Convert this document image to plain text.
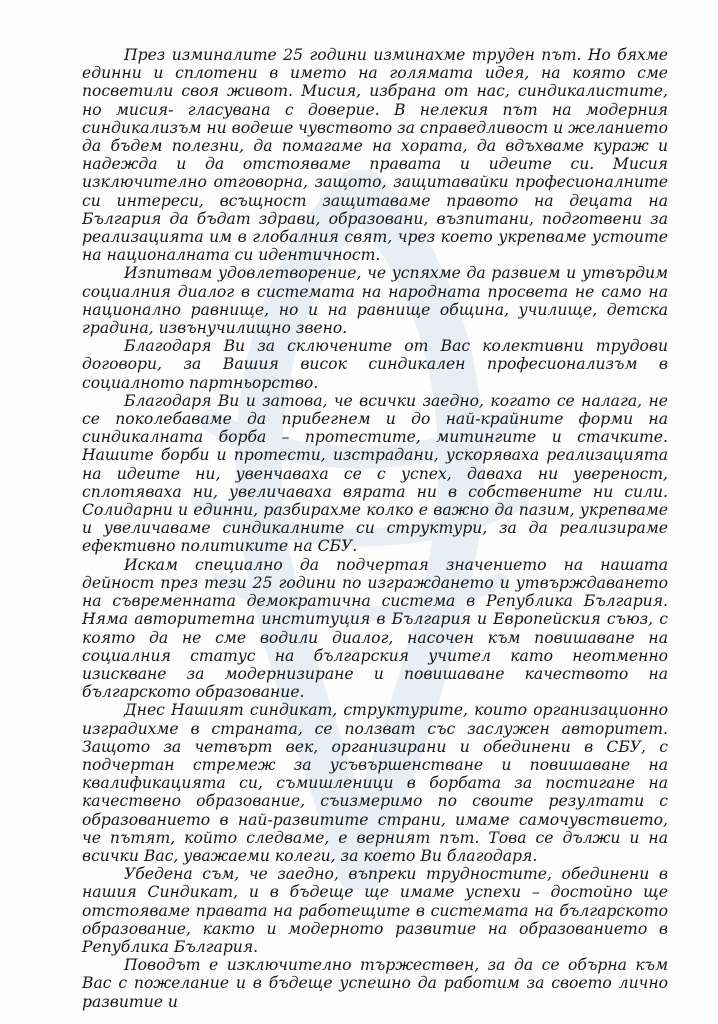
През изминалите 25 години изминахме труден път. Но бяхме единни и сплотени в името на голямата идея, на която сме посветили своя живот. Мисия, избрана от нас, синдикалистите, но мисия- гласувана с доверие. В нелекия път на модерния синдикализъм ни водеше чувството за справедливост и желанието да бъдем полезни, да помагаме на хората, да вдъхваме кураж и надежда и да отстояваме правата и идеите си. Мисия изключително отговорна, защото, защитавайки професионалните си интереси, всъщност защитаваме правото на децата на България да бъдат здрави, образовани, възпитани, подготвени за реализацията им в глобалния свят, чрез което укрепваме устоите на националната си идентичност.

Изпитвам удовлетворение, че успяхме да развием и утвърдим социалния диалог в системата на народната просвета не само на национално равнище, но и на равнище община, училище, детска градина, извънучилищно звено.

Благодаря Ви за сключените от Вас колективни трудови договори, за Вашия висок синдикален професионализъм в социалното партньорство.

Благодаря Ви и затова, че всички заедно, когато се налага, не се поколебаваме да прибегнем и до най-крайните форми на синдикалната борба – протестите, митингите и стачките. Нашите борби и протести, изстрадани, ускоряваха реализацията на идеите ни, увенчаваха се с успех, даваха ни увереност, сплотяваха ни, увеличаваха вярата ни в собствените ни сили. Солидарни и единни, разбирахме колко е важно да пазим, укрепваме и увеличаваме синдикалните си структури, за да реализираме ефективно политиките на СБУ.

Искам специално да подчертая значението на нашата дейност през тези 25 години по изграждането и утвърждаването на съвременната демократична система в Република България. Няма авторитетна институция в България и Европейския съюз, с която да не сме водили диалог, насочен към повишаване на социалния статус на българския учител като неотменно изискване за модернизиране и повишаване качеството на българското образование.

Днес Нашият синдикат, структурите, които организационно изградихме в страната, се ползват със заслужен авторитет. Защото за четвърт век, организирани и обединени в СБУ, с подчертан стремеж за усъвършенстване и повишаване на квалификацията си, съмишленици в борбата за постигане на качествено образование, съизмеримо по своите резултати с образованието в най-развитите страни, имаме самочувствието, че пътят, който следваме, е верният път. Това се дължи и на всички Вас, уважаеми колеги, за което Ви благодаря.

Убедена съм, че заедно, въпреки трудностите, обединени в нашия Синдикат, и в бъдеще ще имаме успехи – достойно ще отстояваме правата на работещите в системата на българското образование, както и модерното развитие на образованието в Република България.

Поводът е изключително тържествен, за да се обърна към Вас с пожелание и в бъдеще успешно да работим за своето лично развитие и
